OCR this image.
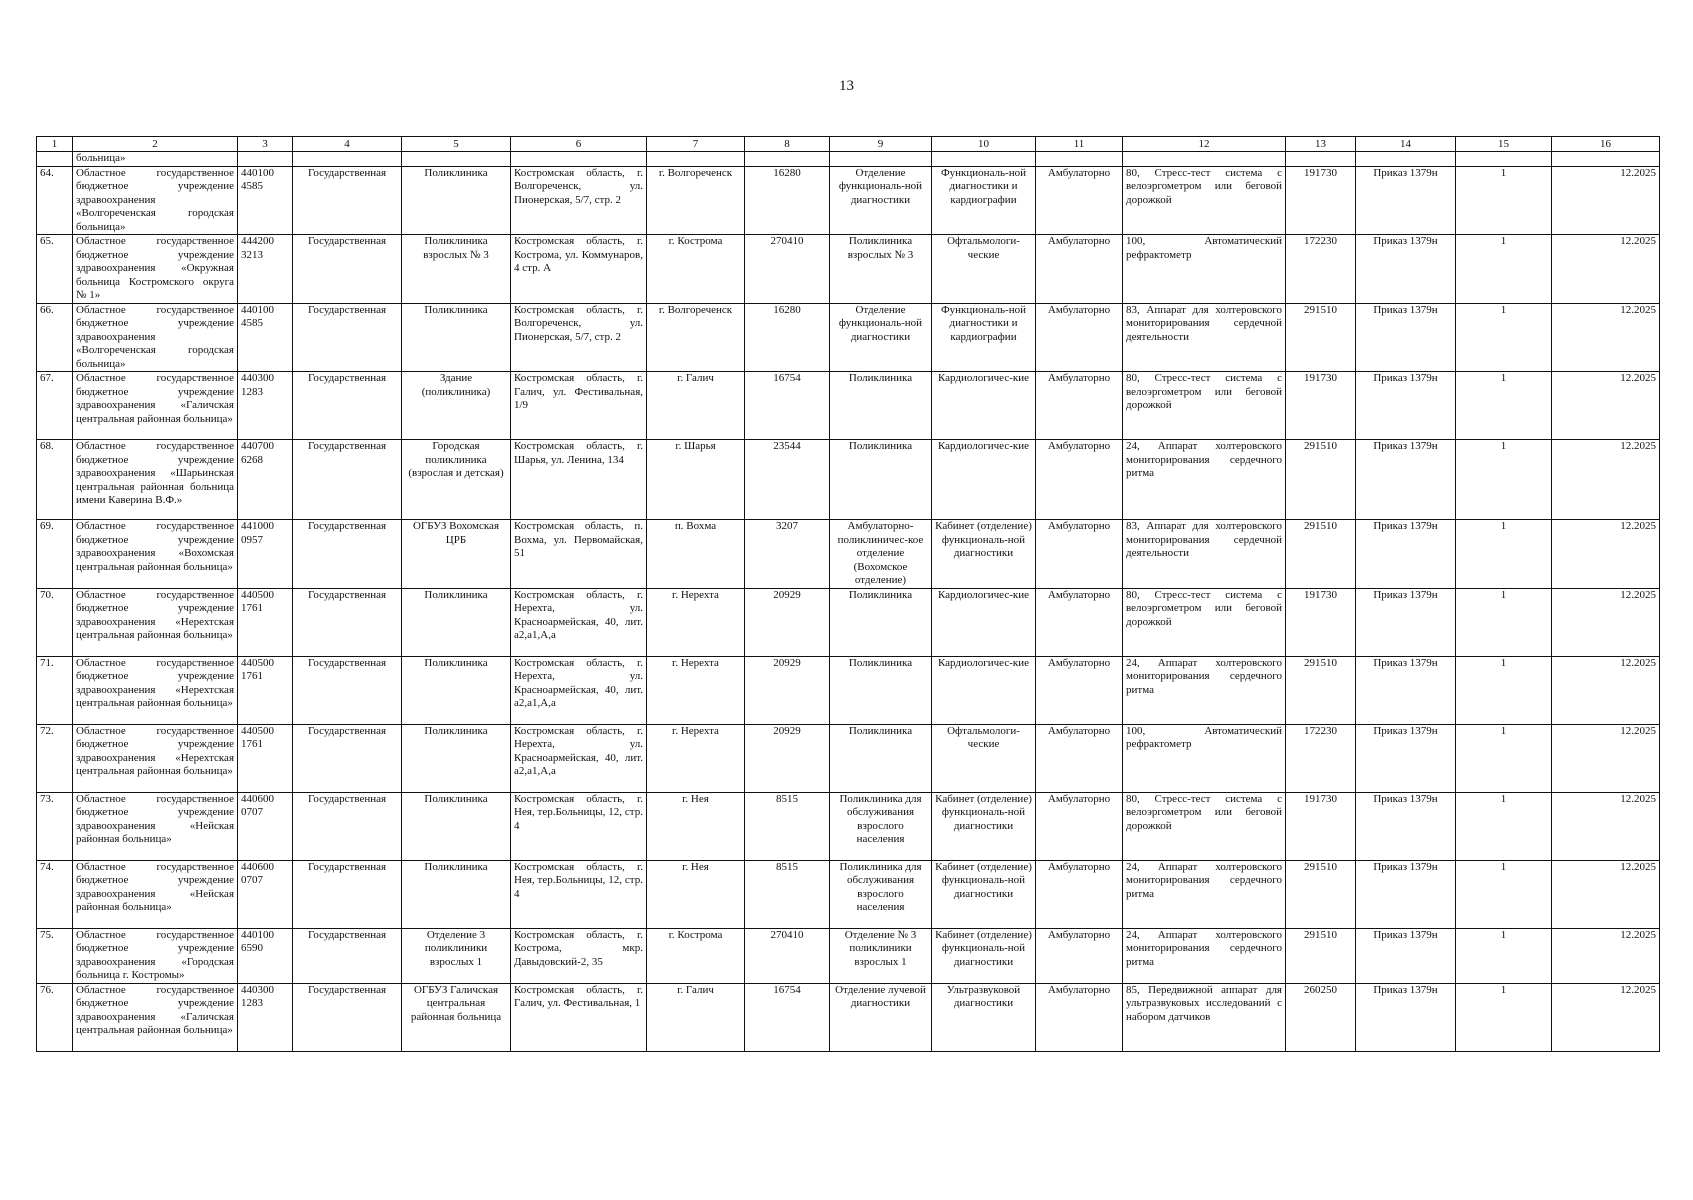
13
1	2	3	4	5	6	7	8	9	10	11	12	13	14	15	16
	больница»														
64.	Областное государственное бюджетное учреждение здравоохранения «Волгореченская городская больница»	440100 4585	Государственная	Поликлиника	Костромская область, г. Волгореченск, ул. Пионерская, 5/7, стр. 2	г. Волгореченск	16280	Отделение функциональ-ной диагностики	Функциональ-ной диагностики и кардиографии	Амбулаторно	80, Стресс-тест система с велоэргометром или беговой дорожкой	191730	Приказ 1379н	1	12.2025
65.	Областное государственное бюджетное учреждение здравоохранения «Окружная больница Костромского округа № 1»	444200 3213	Государственная	Поликлиника взрослых № 3	Костромская область, г. Кострома, ул. Коммунаров, 4 стр. А	г. Кострома	270410	Поликлиника взрослых № 3	Офтальмологи-ческие	Амбулаторно	100, Автоматический рефрактометр	172230	Приказ 1379н	1	12.2025
66.	Областное государственное бюджетное учреждение здравоохранения «Волгореченская городская больница»	440100 4585	Государственная	Поликлиника	Костромская область, г. Волгореченск, ул. Пионерская, 5/7, стр. 2	г. Волгореченск	16280	Отделение функциональ-ной диагностики	Функциональ-ной диагностики и кардиографии	Амбулаторно	83, Аппарат для холтеровского мониторирования сердечной деятельности	291510	Приказ 1379н	1	12.2025
67.	Областное государственное бюджетное учреждение здравоохранения «Галичская центральная районная больница»	440300 1283	Государственная	Здание (поликлиника)	Костромская область, г. Галич, ул. Фестивальная, 1/9	г. Галич	16754	Поликлиника	Кардиологичес-кие	Амбулаторно	80, Стресс-тест система с велоэргометром или беговой дорожкой	191730	Приказ 1379н	1	12.2025
68.	Областное государственное бюджетное учреждение здравоохранения «Шарьинская центральная районная больница имени Каверина В.Ф.»	440700 6268	Государственная	Городская поликлиника (взрослая и детская)	Костромская область, г. Шарья, ул. Ленина, 134	г. Шарья	23544	Поликлиника	Кардиологичес-кие	Амбулаторно	24, Аппарат холтеровского мониторирования сердечного ритма	291510	Приказ 1379н	1	12.2025
69.	Областное государственное бюджетное учреждение здравоохранения «Вохомская центральная районная больница»	441000 0957	Государственная	ОГБУЗ Вохомская ЦРБ	Костромская область, п. Вохма, ул. Первомайская, 51	п. Вохма	3207	Амбулаторно-поликлиничес-кое отделение (Вохомское отделение)	Кабинет (отделение) функциональ-ной диагностики	Амбулаторно	83, Аппарат для холтеровского мониторирования сердечной деятельности	291510	Приказ 1379н	1	12.2025
70.	Областное государственное бюджетное учреждение здравоохранения «Нерехтская центральная районная больница»	440500 1761	Государственная	Поликлиника	Костромская область, г. Нерехта, ул. Красноармейская, 40, лит. а2,а1,А,а	г. Нерехта	20929	Поликлиника	Кардиологичес-кие	Амбулаторно	80, Стресс-тест система с велоэргометром или беговой дорожкой	191730	Приказ 1379н	1	12.2025
71.	Областное государственное бюджетное учреждение здравоохранения «Нерехтская центральная районная больница»	440500 1761	Государственная	Поликлиника	Костромская область, г. Нерехта, ул. Красноармейская, 40, лит. а2,а1,А,а	г. Нерехта	20929	Поликлиника	Кардиологичес-кие	Амбулаторно	24, Аппарат холтеровского мониторирования сердечного ритма	291510	Приказ 1379н	1	12.2025
72.	Областное государственное бюджетное учреждение здравоохранения «Нерехтская центральная районная больница»	440500 1761	Государственная	Поликлиника	Костромская область, г. Нерехта, ул. Красноармейская, 40, лит. а2,а1,А,а	г. Нерехта	20929	Поликлиника	Офтальмологи-ческие	Амбулаторно	100, Автоматический рефрактометр	172230	Приказ 1379н	1	12.2025
73.	Областное государственное бюджетное учреждение здравоохранения «Нейская районная больница»	440600 0707	Государственная	Поликлиника	Костромская область, г. Нея, тер.Больницы, 12, стр. 4	г. Нея	8515	Поликлиника для обслуживания взрослого населения	Кабинет (отделение) функциональ-ной диагностики	Амбулаторно	80, Стресс-тест система с велоэргометром или беговой дорожкой	191730	Приказ 1379н	1	12.2025
74.	Областное государственное бюджетное учреждение здравоохранения «Нейская районная больница»	440600 0707	Государственная	Поликлиника	Костромская область, г. Нея, тер.Больницы, 12, стр. 4	г. Нея	8515	Поликлиника для обслуживания взрослого населения	Кабинет (отделение) функциональ-ной диагностики	Амбулаторно	24, Аппарат холтеровского мониторирования сердечного ритма	291510	Приказ 1379н	1	12.2025
75.	Областное государственное бюджетное учреждение здравоохранения «Городская больница г. Костромы»	440100 6590	Государственная	Отделение 3 поликлиники взрослых 1	Костромская область, г. Кострома, мкр. Давыдовский-2, 35	г. Кострома	270410	Отделение № 3 поликлиники взрослых 1	Кабинет (отделение) функциональ-ной диагностики	Амбулаторно	24, Аппарат холтеровского мониторирования сердечного ритма	291510	Приказ 1379н	1	12.2025
76.	Областное государственное бюджетное учреждение здравоохранения «Галичская центральная районная больница»	440300 1283	Государственная	ОГБУЗ Галичская центральная районная больница	Костромская область, г. Галич, ул. Фестивальная, 1	г. Галич	16754	Отделение лучевой диагностики	Ультразвуковой диагностики	Амбулаторно	85, Передвижной аппарат для ультразвуковых исследований с набором датчиков	260250	Приказ 1379н	1	12.2025
